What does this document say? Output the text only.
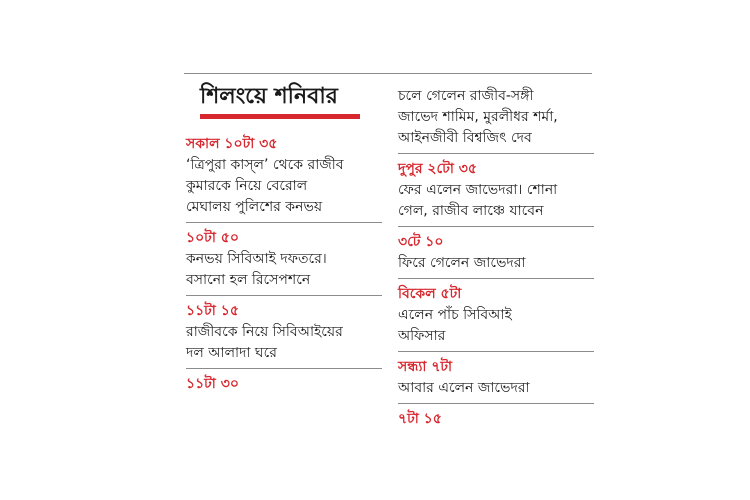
শিলংয়ে শনিবার
সকাল ১০টা ৩৫
‘ত্রিপুরা কাস্‌ল’ থেকে রাজীব
কুমারকে নিয়ে বেরোল
মেঘালয় পুলিশের কনভয়
১০টা ৫০
কনভয় সিবিআই দফতরে।
বসানো হল রিসেপশনে
১১টা ১৫
রাজীবকে নিয়ে সিবিআইয়ের
দল আলাদা ঘরে
১১টা ৩০
চলে গেলেন রাজীব-সঙ্গী
জাভেদ শামিম, মুরলীধর শর্মা,
আইনজীবী বিশ্বজিৎ দেব
দুপুর ২টো ৩৫
ফের এলেন জাভেদরা। শোনা
গেল, রাজীব লাঞ্চে যাবেন
৩টে ১০
ফিরে গেলেন জাভেদরা
বিকেল ৫টা
এলেন পাঁচ সিবিআই
অফিসার
সন্ধ্যা ৭টা
আবার এলেন জাভেদরা
৭টা ১৫
